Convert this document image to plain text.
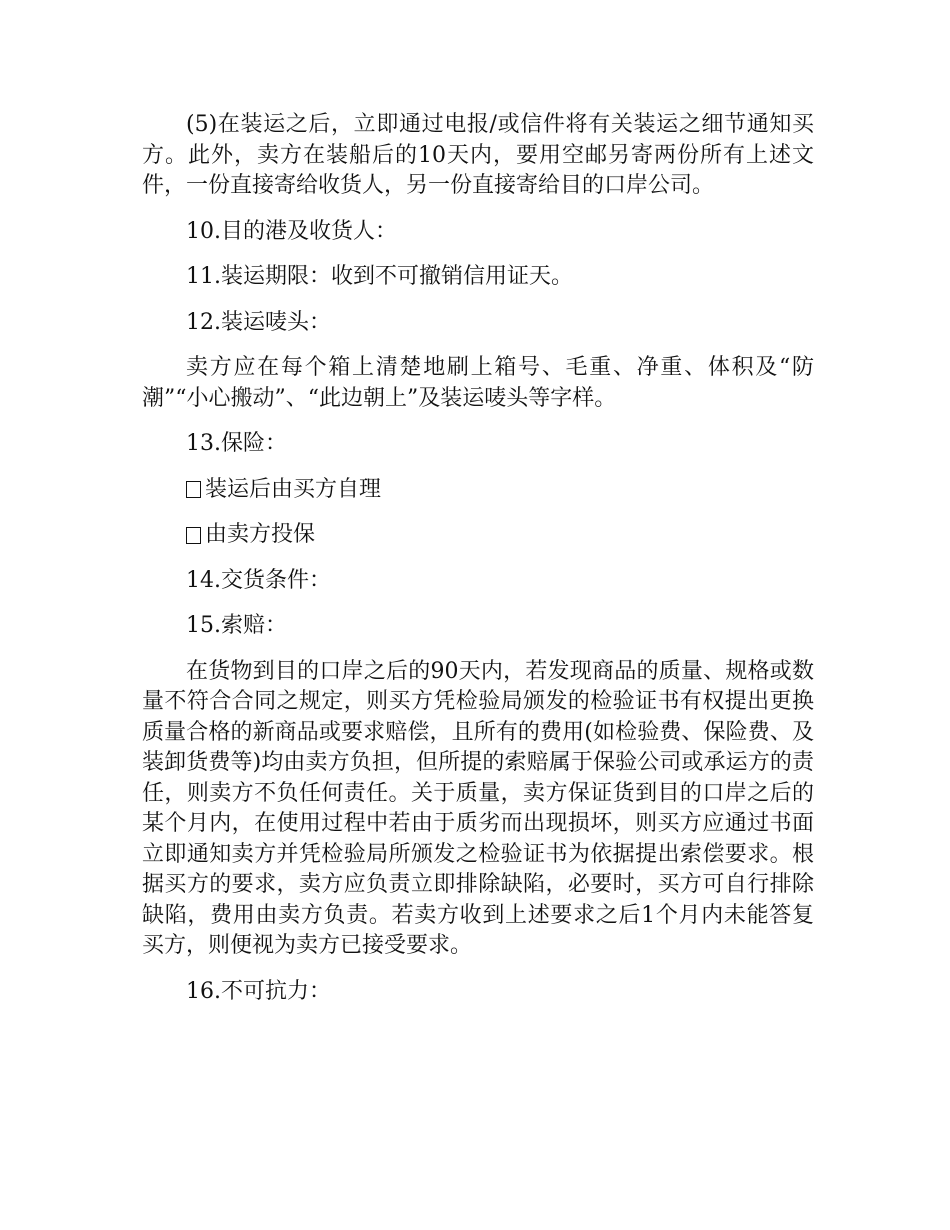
(5)在装运之后，立即通过电报/或信件将有关装运之细节通知买方。此外，卖方在装船后的10天内，要用空邮另寄两份所有上述文件，一份直接寄给收货人，另一份直接寄给目的口岸公司。

10.目的港及收货人：

11.装运期限：收到不可撤销信用证天。

12.装运唛头：

卖方应在每个箱上清楚地刷上箱号、毛重、净重、体积及“防潮”“小心搬动”、“此边朝上”及装运唛头等字样。

13.保险：

装运后由买方自理
由卖方投保

14.交货条件：

15.索赔：

在货物到目的口岸之后的90天内，若发现商品的质量、规格或数量不符合合同之规定，则买方凭检验局颁发的检验证书有权提出更换质量合格的新商品或要求赔偿，且所有的费用(如检验费、保险费、及装卸货费等)均由卖方负担，但所提的索赔属于保验公司或承运方的责任，则卖方不负任何责任。关于质量，卖方保证货到目的口岸之后的某个月内，在使用过程中若由于质劣而出现损坏，则买方应通过书面立即通知卖方并凭检验局所颁发之检验证书为依据提出索偿要求。根据买方的要求，卖方应负责立即排除缺陷，必要时，买方可自行排除缺陷，费用由卖方负责。若卖方收到上述要求之后1个月内未能答复买方，则便视为卖方已接受要求。

16.不可抗力：
